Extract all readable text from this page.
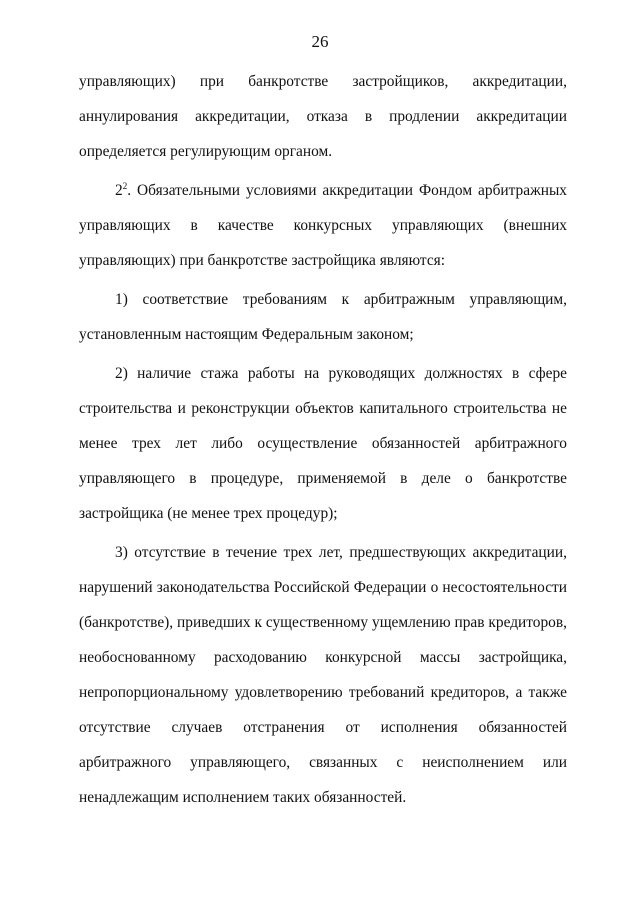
26
управляющих) при банкротстве застройщиков, аккредитации,
аннулирования аккредитации, отказа в продлении аккредитации
определяется регулирующим органом.
$2^2$. Обязательными условиями аккредитации Фондом арбитражных
управляющих в качестве конкурсных управляющих (внешних
управляющих) при банкротстве застройщика являются:
1) соответствие требованиям к арбитражным управляющим,
установленным настоящим Федеральным законом;
2) наличие стажа работы на руководящих должностях в сфере
строительства и реконструкции объектов капитального строительства не
менее трех лет либо осуществление обязанностей арбитражного
управляющего в процедуре, применяемой в деле о банкротстве
застройщика (не менее трех процедур);
3) отсутствие в течение трех лет, предшествующих аккредитации,
нарушений законодательства Российской Федерации о несостоятельности
(банкротстве), приведших к существенному ущемлению прав кредиторов,
необоснованному расходованию конкурсной массы застройщика,
непропорциональному удовлетворению требований кредиторов, а также
отсутствие случаев отстранения от исполнения обязанностей
арбитражного управляющего, связанных с неисполнением или
ненадлежащим исполнением таких обязанностей.
